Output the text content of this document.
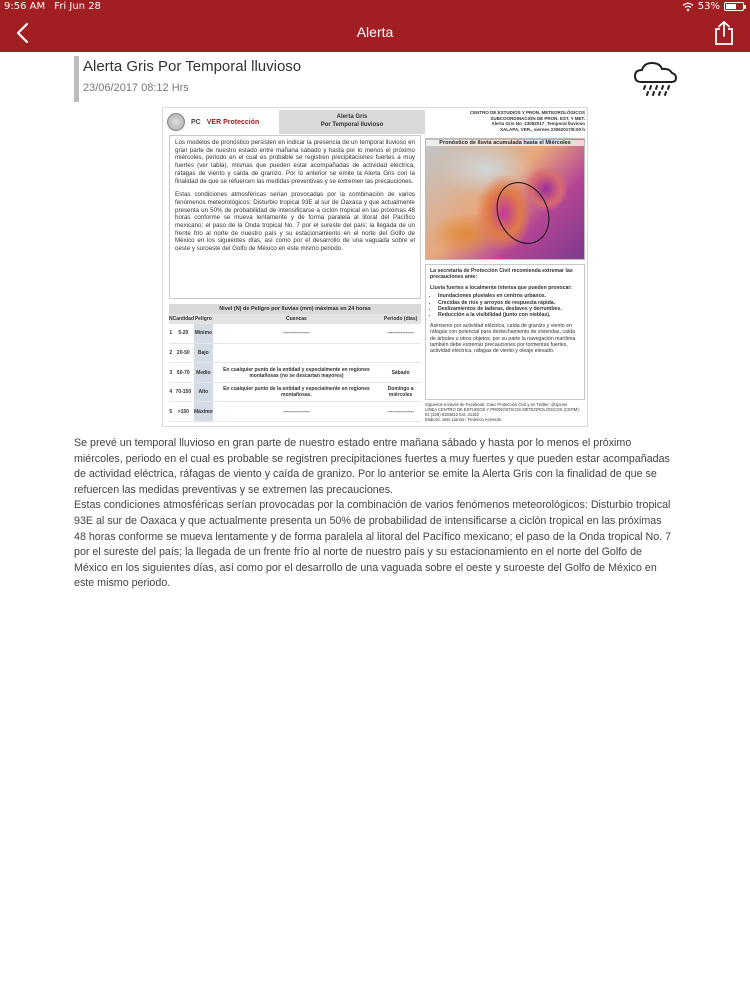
9:56 AM Fri Jun 28	53%
Alerta
Alerta Gris Por Temporal lluvioso
23/06/2017 08:12 Hrs
PC VER Protección
Alerta Gris
Por Temporal lluvioso
CENTRO DE ESTUDIOS Y PRON. METEOROLÓGICOS
SUBCOORDINACIÓN DE PRON. EST. Y MET.
Alerta Gris No_23062017_Temporal lluvioso
XALAPA, VER., viernes 23062017/8:00 h

Los modelos de pronóstico persisten en indicar la presencia de un temporal lluvioso en gran parte de nuestro estado entre mañana sábado y hasta por lo menos el próximo miércoles, periodo en el cual es probable se registren precipitaciones fuertes a muy fuertes (ver tabla), mismas que pueden estar acompañadas de actividad eléctrica, ráfagas de viento y caída de granizo. Por lo anterior se emite la Alerta Gris con la finalidad de que se refuercen las medidas preventivas y se extremen las precauciones.

Estas condiciones atmosféricas serían provocadas por la combinación de varios fenómenos meteorológicos: Disturbio tropical 93E al sur de Oaxaca y que actualmente presenta un 50% de probabilidad de intensificarse a ciclón tropical en las próximas 48 horas conforme se mueva lentamente y de forma paralela al litoral del Pacífico mexicano; el paso de la Onda tropical No. 7 por el sureste del país; la llegada de un frente frío al norte de nuestro país y su estacionamiento en el norte del Golfo de México en los siguientes días, así como por el desarrollo de una vaguada sobre el oeste y suroeste del Golfo de México en este mismo periodo.

Pronóstico de lluvia acumulada hasta el Miércoles
La secretaría de Protección Civil recomienda extremar las precauciones ante:
Lluvia fuertes a localmente intensa que pueden provocar:
• Inundaciones pluviales en centros urbanos.
• Crecidas de ríos y arroyos de respuesta rápida.
• Deslizamientos de laderas, deslaves y derrumbes.
• Reducción a la visibilidad (junto con nieblas).
Asimismo por actividad eléctrica, caída de granizo y viento en ráfagas con potencial para destechamiento de viviendas, caída de árboles u otros objetos, por su parte la navegación marítima también debe extremar precauciones por tormentas fuertes, actividad eléctrica, ráfagas de viento y oleaje elevado.
Síguenos a través de Facebook: Caec Protección Civil y en Twitter: @spcver
LÍNEA CENTRO DE ESTUDIOS Y PRONÓSTICOS METEOROLÓGICOS (CEPM): 01 (228) 8184812 Ext. 21162
Elaboró: José Llanos / Federico Acevedo
Nivel (N) de Peligro por lluvias (mm) máximas en 24 horas				
N	Cantidad	Peligro	Cuencas	Periodo (días)
1	5-20	Mínimo	----------------	----------------
2	20-50	Bajo		
3	50-70	Medio	En cualquier punto de la entidad y especialmente en regiones montañosas (no se descartan mayores)	Sábado
4	70-150	Alto	En cualquier punto de la entidad y especialmente en regiones montañosas.	Domingo a miércoles
5	>150	Máximo	----------------	----------------

Se prevé un temporal lluvioso en gran parte de nuestro estado entre mañana sábado y hasta por lo menos el próximo miércoles, periodo en el cual es probable se registren precipitaciones fuertes a muy fuertes y que pueden estar acompañadas de actividad eléctrica, ráfagas de viento y caída de granizo. Por lo anterior se emite la Alerta Gris con la finalidad de que se refuercen las medidas preventivas y se extremen las precauciones.

Estas condiciones atmosféricas serían provocadas por la combinación de varios fenómenos meteorológicos: Disturbio tropical 93E al sur de Oaxaca y que actualmente presenta un 50% de probabilidad de intensificarse a ciclón tropical en las próximas 48 horas conforme se mueva lentamente y de forma paralela al litoral del Pacífico mexicano; el paso de la Onda tropical No. 7 por el sureste del país; la llegada de un frente frío al norte de nuestro país y su estacionamiento en el norte del Golfo de México en los siguientes días, así como por el desarrollo de una vaguada sobre el oeste y suroeste del Golfo de México en este mismo periodo.
